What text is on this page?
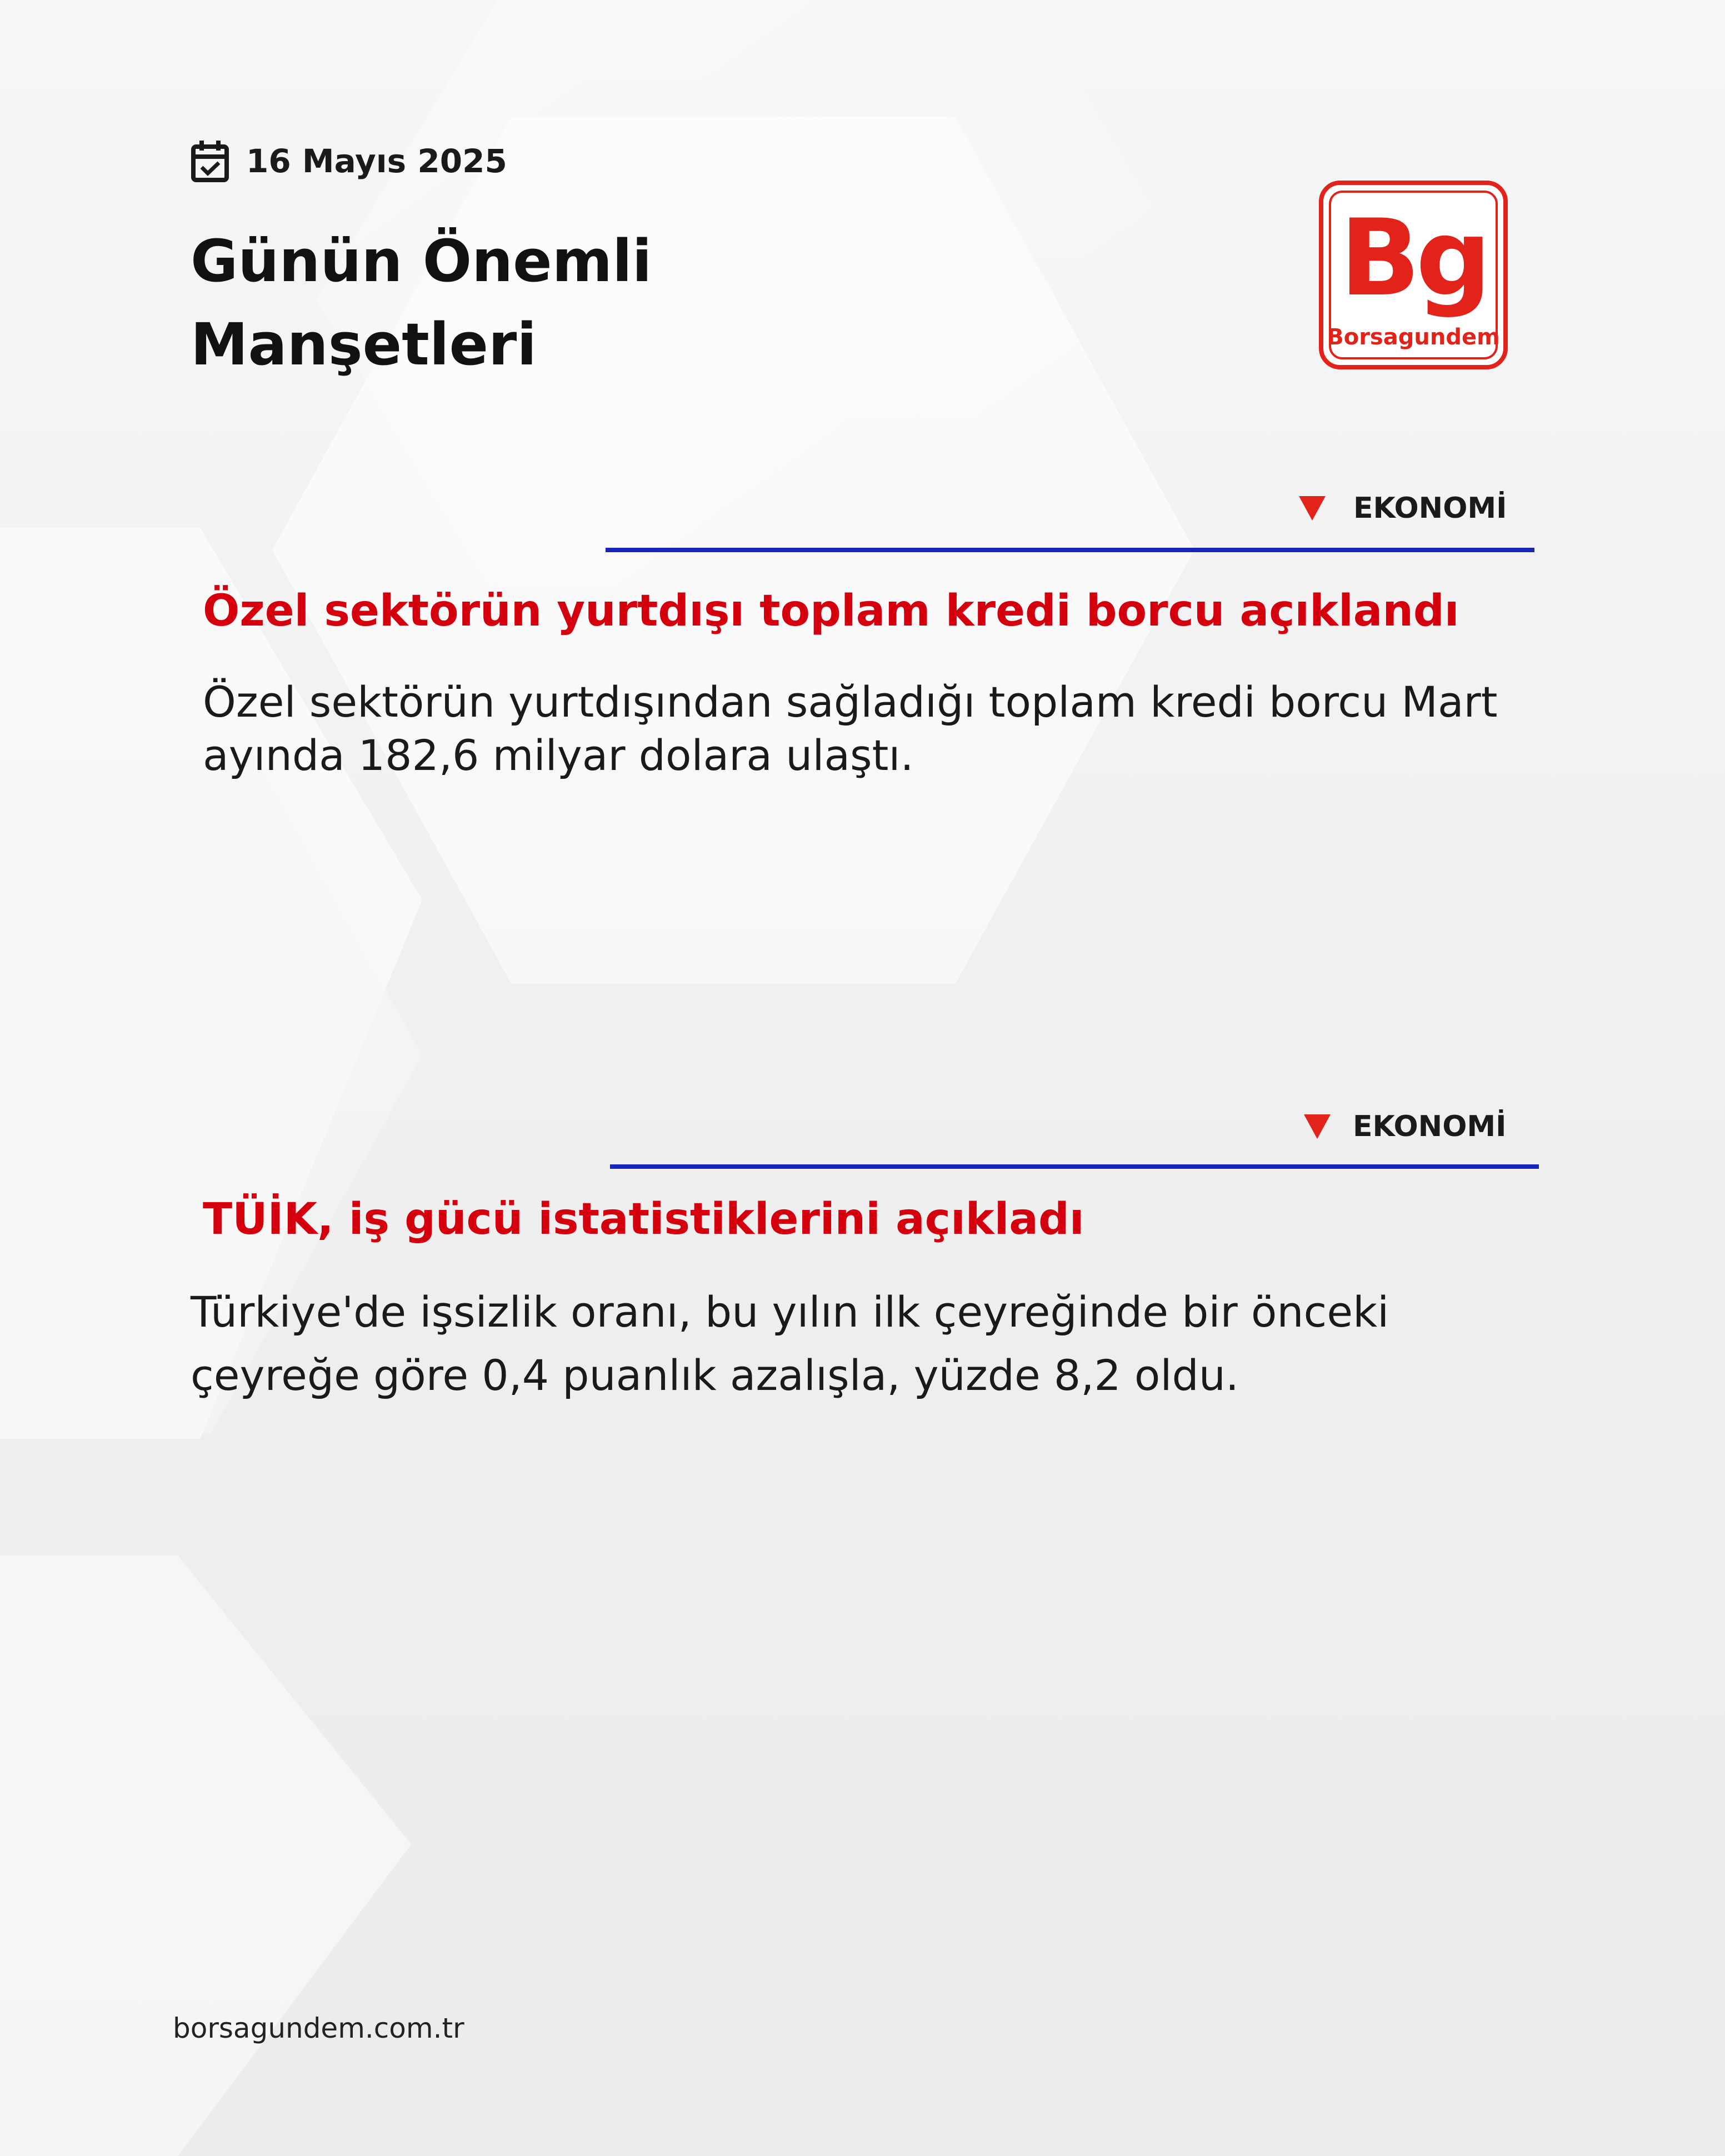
16 Mayıs 2025
Günün Önemli Manşetleri
Bg
Borsagundem
EKONOMİ
Özel sektörün yurtdışı toplam kredi borcu açıklandı

Özel sektörün yurtdışından sağladığı toplam kredi borcu Mart ayında 182,6 milyar dolara ulaştı.

EKONOMİ
TÜİK, iş gücü istatistiklerini açıkladı

Türkiye'de işsizlik oranı, bu yılın ilk çeyreğinde bir önceki çeyreğe göre 0,4 puanlık azalışla, yüzde 8,2 oldu.

borsagundem.com.tr
